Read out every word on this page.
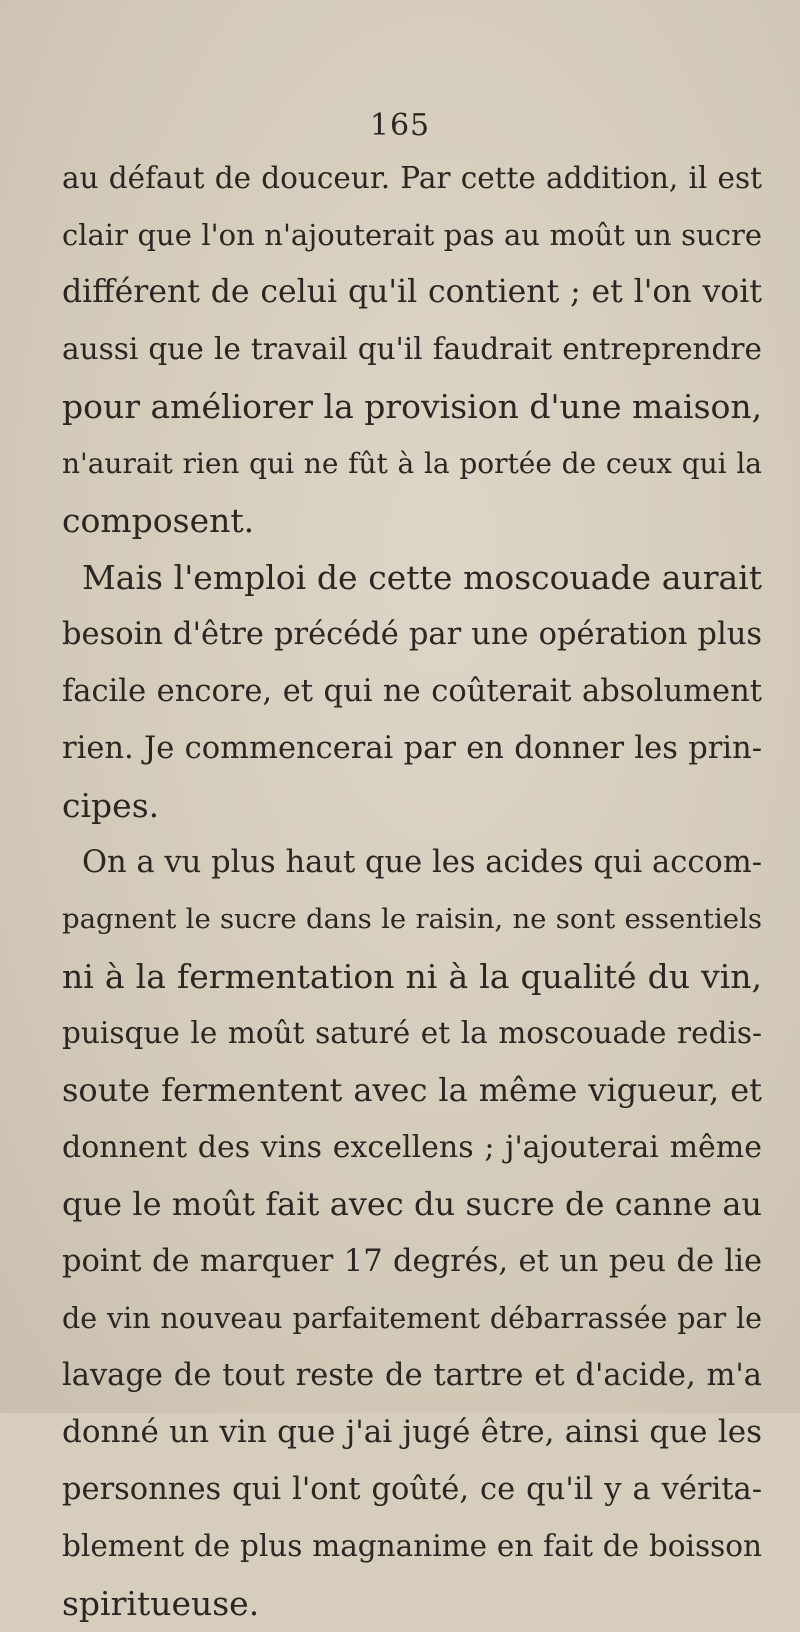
165
au défaut de douceur. Par cette addition, il est
clair que l'on n'ajouterait pas au moût un sucre
différent de celui qu'il contient ; et l'on voit
aussi que le travail qu'il faudrait entreprendre
pour améliorer la provision d'une maison,
n'aurait rien qui ne fût à la portée de ceux qui la
composent.
Mais l'emploi de cette moscouade aurait
besoin d'être précédé par une opération plus
facile encore, et qui ne coûterait absolument
rien. Je commencerai par en donner les prin-
cipes.
On a vu plus haut que les acides qui accom-
pagnent le sucre dans le raisin, ne sont essentiels
ni à la fermentation ni à la qualité du vin,
puisque le moût saturé et la moscouade redis-
soute fermentent avec la même vigueur, et
donnent des vins excellens ; j'ajouterai même
que le moût fait avec du sucre de canne au
point de marquer 17 degrés, et un peu de lie
de vin nouveau parfaitement débarrassée par le
lavage de tout reste de tartre et d'acide, m'a
donné un vin que j'ai jugé être, ainsi que les
personnes qui l'ont goûté, ce qu'il y a vérita-
blement de plus magnanime en fait de boisson
spiritueuse.
